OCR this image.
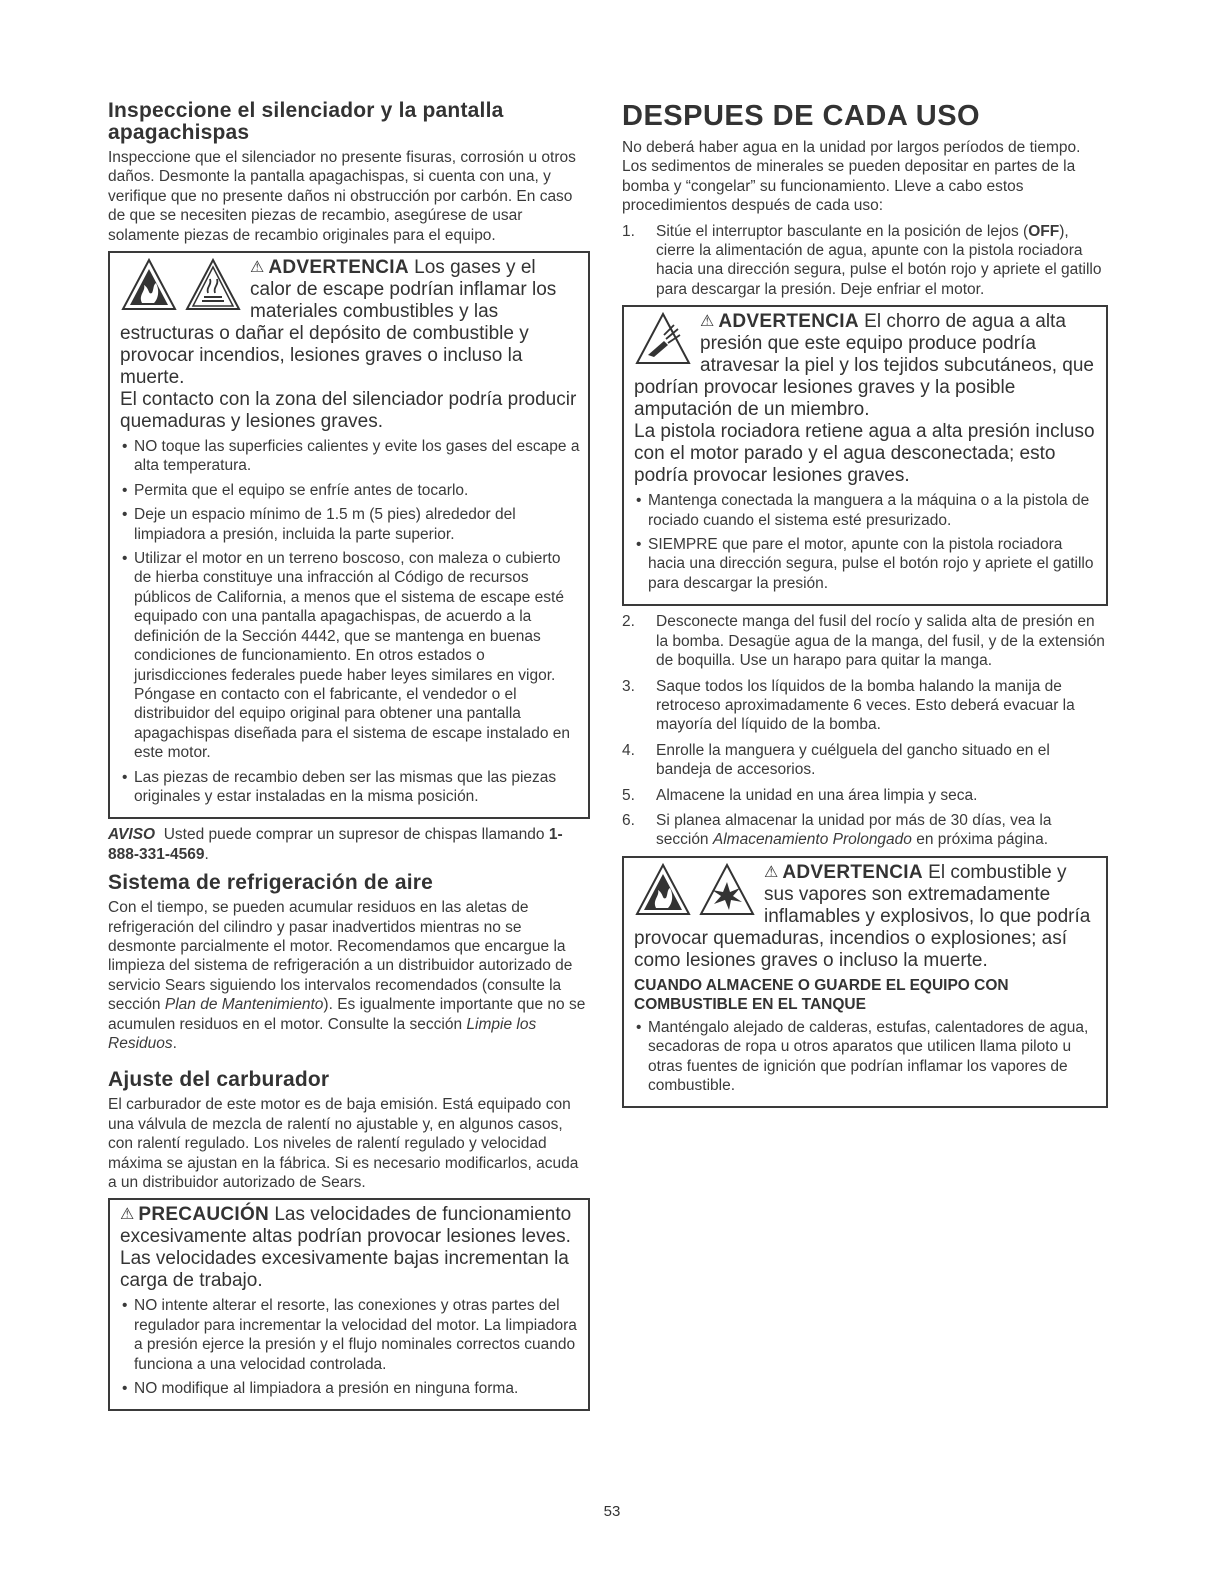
Inspeccione el silenciador y la pantalla apagachispas

Inspeccione que el silenciador no presente fisuras, corrosión u otros daños. Desmonte la pantalla apagachispas, si cuenta con una, y verifique que no presente daños ni obstrucción por carbón. En caso de que se necesiten piezas de recambio, asegúrese de usar solamente piezas de recambio originales para el equipo.

⚠ ADVERTENCIA Los gases y el calor de escape podrían inflamar los materiales combustibles y las estructuras o dañar el depósito de combustible y provocar incendios, lesiones graves o incluso la muerte.

El contacto con la zona del silenciador podría producir quemaduras y lesiones graves.

• NO toque las superficies calientes y evite los gases del escape a alta temperatura.
• Permita que el equipo se enfríe antes de tocarlo.
• Deje un espacio mínimo de 1.5 m (5 pies) alrededor del limpiadora a presión, incluida la parte superior.
• Utilizar el motor en un terreno boscoso, con maleza o cubierto de hierba constituye una infracción al Código de recursos públicos de California, a menos que el sistema de escape esté equipado con una pantalla apagachispas, de acuerdo a la definición de la Sección 4442, que se mantenga en buenas condiciones de funcionamiento. En otros estados o jurisdicciones federales puede haber leyes similares en vigor. Póngase en contacto con el fabricante, el vendedor o el distribuidor del equipo original para obtener una pantalla apagachispas diseñada para el sistema de escape instalado en este motor.
• Las piezas de recambio deben ser las mismas que las piezas originales y estar instaladas en la misma posición.

AVISO Usted puede comprar un supresor de chispas llamando 1-888-331-4569.

Sistema de refrigeración de aire

Con el tiempo, se pueden acumular residuos en las aletas de refrigeración del cilindro y pasar inadvertidos mientras no se desmonte parcialmente el motor. Recomendamos que encargue la limpieza del sistema de refrigeración a un distribuidor autorizado de servicio Sears siguiendo los intervalos recomendados (consulte la sección Plan de Mantenimiento). Es igualmente importante que no se acumulen residuos en el motor. Consulte la sección Limpie los Residuos.

Ajuste del carburador

El carburador de este motor es de baja emisión. Está equipado con una válvula de mezcla de ralentí no ajustable y, en algunos casos, con ralentí regulado. Los niveles de ralentí regulado y velocidad máxima se ajustan en la fábrica. Si es necesario modificarlos, acuda a un distribuidor autorizado de Sears.

⚠ PRECAUCIÓN Las velocidades de funcionamiento excesivamente altas podrían provocar lesiones leves.

Las velocidades excesivamente bajas incrementan la carga de trabajo.

• NO intente alterar el resorte, las conexiones y otras partes del regulador para incrementar la velocidad del motor. La limpiadora a presión ejerce la presión y el flujo nominales correctos cuando funciona a una velocidad controlada.
• NO modifique al limpiadora a presión en ninguna forma.
DESPUES DE CADA USO

No deberá haber agua en la unidad por largos períodos de tiempo. Los sedimentos de minerales se pueden depositar en partes de la bomba y “congelar” su funcionamiento. Lleve a cabo estos procedimientos después de cada uso:

1. Sitúe el interruptor basculante en la posición de lejos (OFF), cierre la alimentación de agua, apunte con la pistola rociadora hacia una dirección segura, pulse el botón rojo y apriete el gatillo para descargar la presión. Deje enfriar el motor.
⚠ ADVERTENCIA El chorro de agua a alta presión que este equipo produce podría atravesar la piel y los tejidos subcutáneos, que podrían provocar lesiones graves y la posible amputación de un miembro.

La pistola rociadora retiene agua a alta presión incluso con el motor parado y el agua desconectada; esto podría provocar lesiones graves.

• Mantenga conectada la manguera a la máquina o a la pistola de rociado cuando el sistema esté presurizado.
• SIEMPRE que pare el motor, apunte con la pistola rociadora hacia una dirección segura, pulse el botón rojo y apriete el gatillo para descargar la presión.
2. Desconecte manga del fusil del rocío y salida alta de presión en la bomba. Desagüe agua de la manga, del fusil, y de la extensión de boquilla. Use un harapo para quitar la manga.
3. Saque todos los líquidos de la bomba halando la manija de retroceso aproximadamente 6 veces. Esto deberá evacuar la mayoría del líquido de la bomba.
4. Enrolle la manguera y cuélguela del gancho situado en el bandeja de accesorios.
5. Almacene la unidad en una área limpia y seca.
6. Si planea almacenar la unidad por más de 30 días, vea la sección Almacenamiento Prolongado en próxima página.
⚠ ADVERTENCIA El combustible y sus vapores son extremadamente inflamables y explosivos, lo que podría provocar quemaduras, incendios o explosiones; así como lesiones graves o incluso la muerte.
CUANDO ALMACENE O GUARDE EL EQUIPO CON COMBUSTIBLE EN EL TANQUE
• Manténgalo alejado de calderas, estufas, calentadores de agua, secadoras de ropa u otros aparatos que utilicen llama piloto u otras fuentes de ignición que podrían inflamar los vapores de combustible.
53
